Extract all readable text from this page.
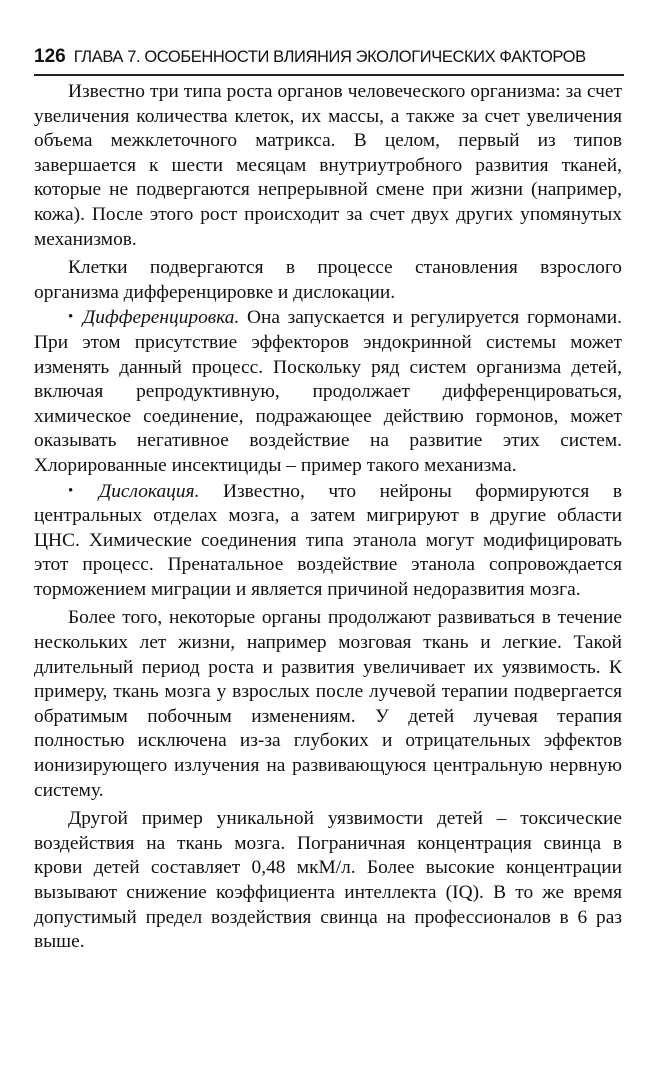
126 ГЛАВА 7. ОСОБЕННОСТИ ВЛИЯНИЯ ЭКОЛОГИЧЕСКИХ ФАКТОРОВ

Известно три типа роста органов человеческого организма: за счет увеличения количества клеток, их массы, а также за счет увеличения объема межклеточного матрикса. В целом, первый из типов завершается к шести месяцам внутриутробного развития тканей, которые не подвергаются непрерывной смене при жизни (например, кожа). После этого рост происходит за счет двух других упомянутых механизмов.

Клетки подвергаются в процессе становления взрослого организма дифференцировке и дислокации.

• Дифференцировка. Она запускается и регулируется гормонами. При этом присутствие эффекторов эндокринной системы может изменять данный процесс. Поскольку ряд систем организма детей, включая репродуктивную, продолжает дифференцироваться, химическое соединение, подражающее действию гормонов, может оказывать негативное воздействие на развитие этих систем. Хлорированные инсектициды – пример такого механизма.

• Дислокация. Известно, что нейроны формируются в центральных отделах мозга, а затем мигрируют в другие области ЦНС. Химические соединения типа этанола могут модифицировать этот процесс. Пренатальное воздействие этанола сопровождается торможением миграции и является причиной недоразвития мозга.

Более того, некоторые органы продолжают развиваться в течение нескольких лет жизни, например мозговая ткань и легкие. Такой длительный период роста и развития увеличивает их уязвимость. К примеру, ткань мозга у взрослых после лучевой терапии подвергается обратимым побочным изменениям. У детей лучевая терапия полностью исключена из-за глубоких и отрицательных эффектов ионизирующего излучения на развивающуюся центральную нервную систему.

Другой пример уникальной уязвимости детей – токсические воздействия на ткань мозга. Пограничная концентрация свинца в крови детей составляет 0,48 мкМ/л. Более высокие концентрации вызывают снижение коэффициента интеллекта (IQ). В то же время допустимый предел воздействия свинца на профессионалов в 6 раз выше.
